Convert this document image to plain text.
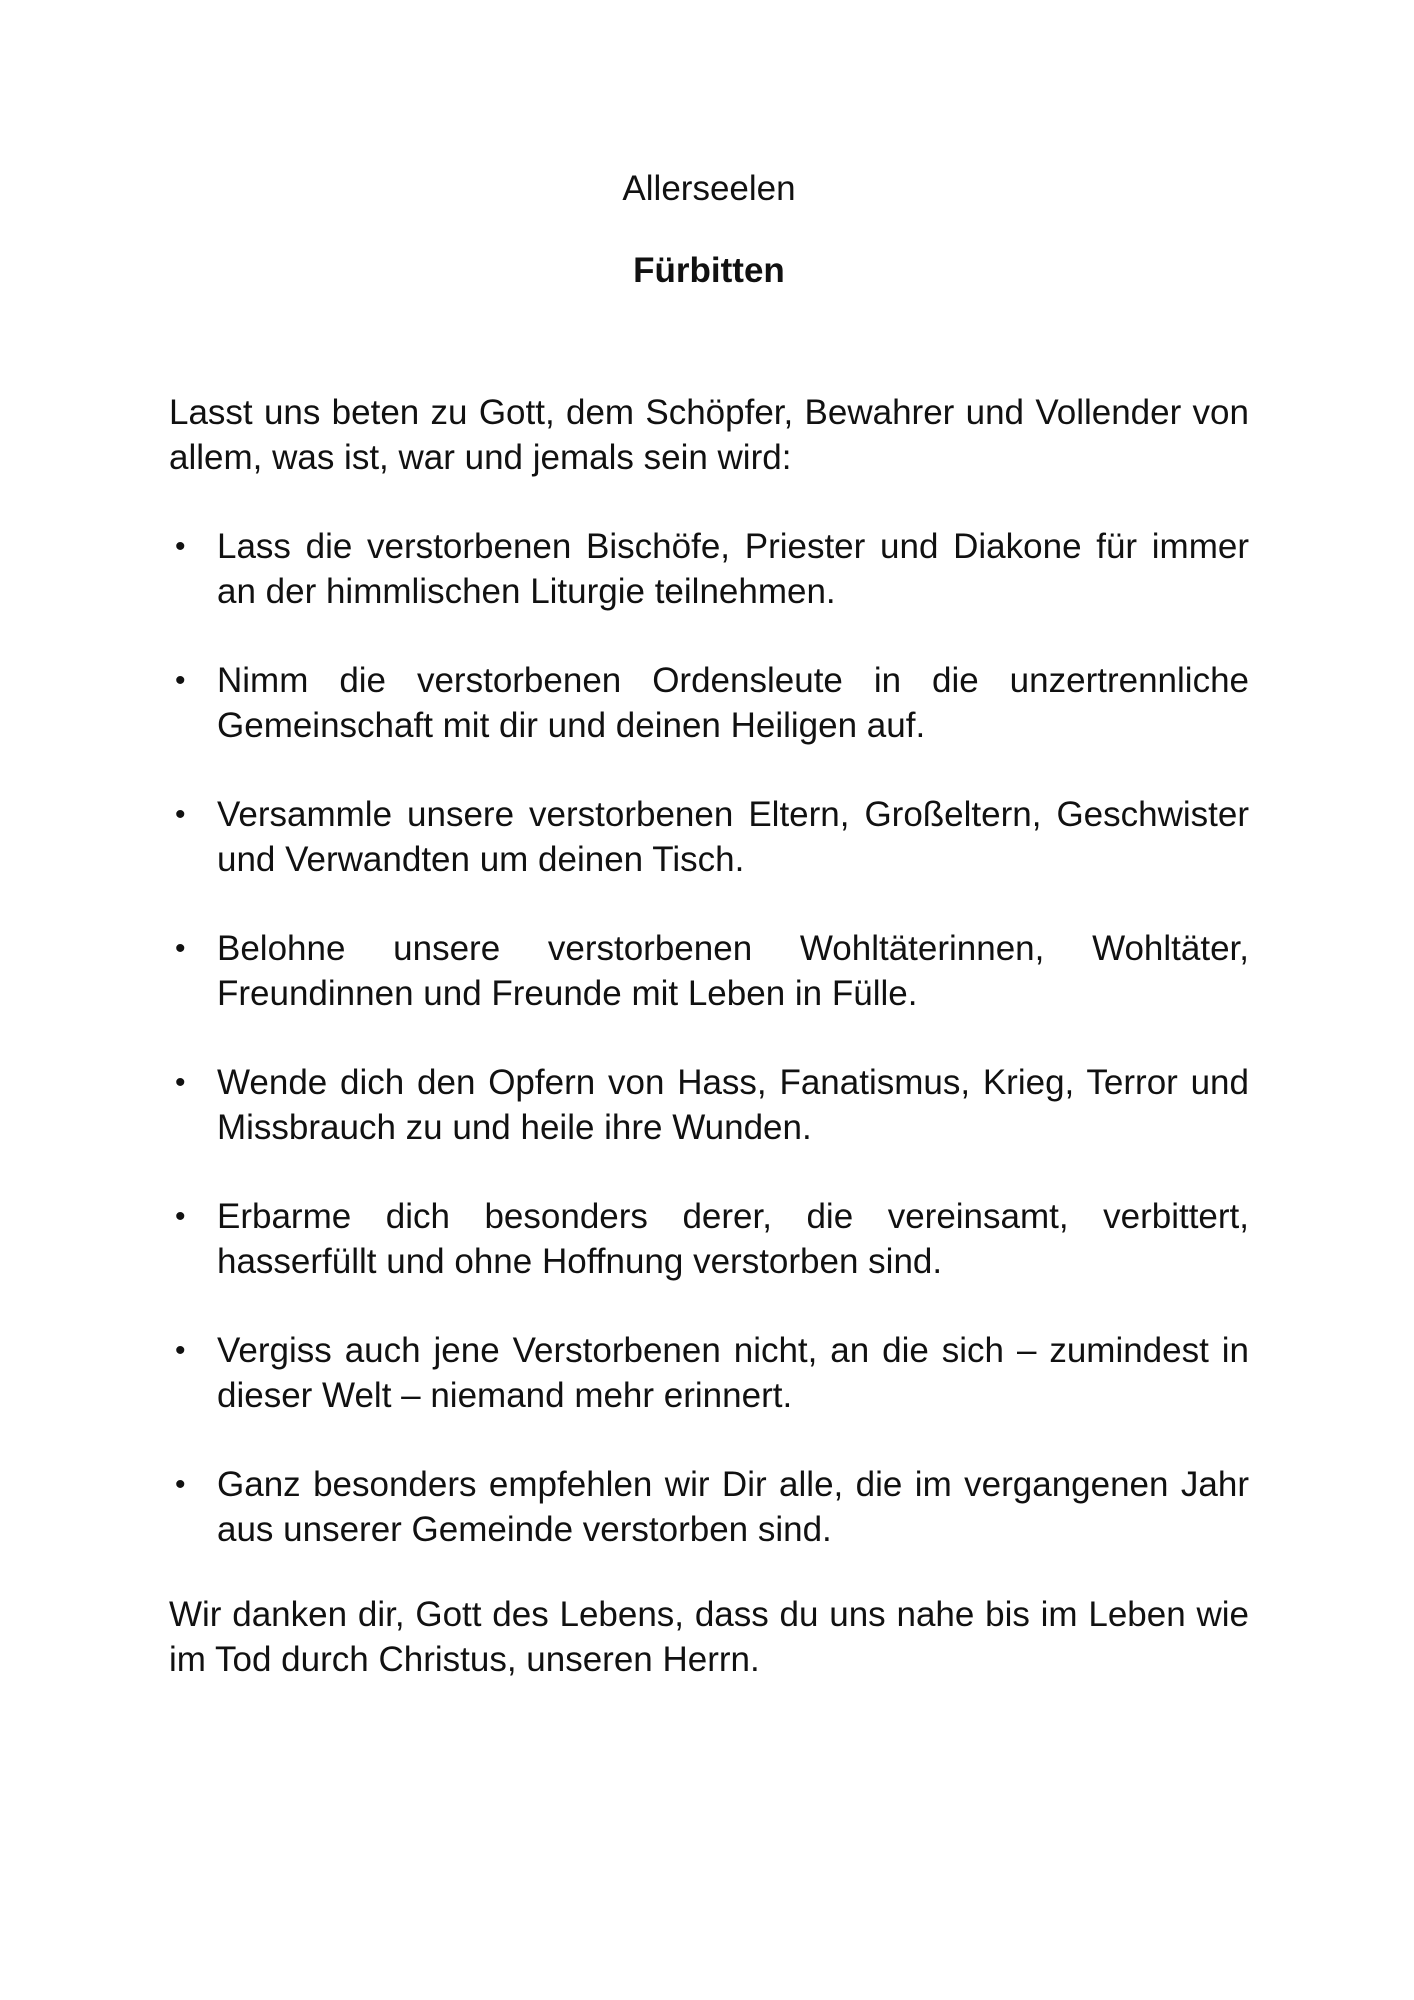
Allerseelen

Fürbitten

Lasst uns beten zu Gott, dem Schöpfer, Bewahrer und Vollender von allem, was ist, war und jemals sein wird:

• Lass die verstorbenen Bischöfe, Priester und Diakone für immer an der himmlischen Liturgie teilnehmen.
• Nimm die verstorbenen Ordensleute in die unzertrennliche Gemeinschaft mit dir und deinen Heiligen auf.
• Versammle unsere verstorbenen Eltern, Großeltern, Geschwister und Verwandten um deinen Tisch.
• Belohne unsere verstorbenen Wohltäterinnen, Wohltäter, Freundinnen und Freunde mit Leben in Fülle.
• Wende dich den Opfern von Hass, Fanatismus, Krieg, Terror und Missbrauch zu und heile ihre Wunden.
• Erbarme dich besonders derer, die vereinsamt, verbittert, hasserfüllt und ohne Hoffnung verstorben sind.
• Vergiss auch jene Verstorbenen nicht, an die sich – zumindest in dieser Welt – niemand mehr erinnert.
• Ganz besonders empfehlen wir Dir alle, die im vergangenen Jahr aus unserer Gemeinde verstorben sind.

Wir danken dir, Gott des Lebens, dass du uns nahe bis im Leben wie im Tod durch Christus, unseren Herrn.
